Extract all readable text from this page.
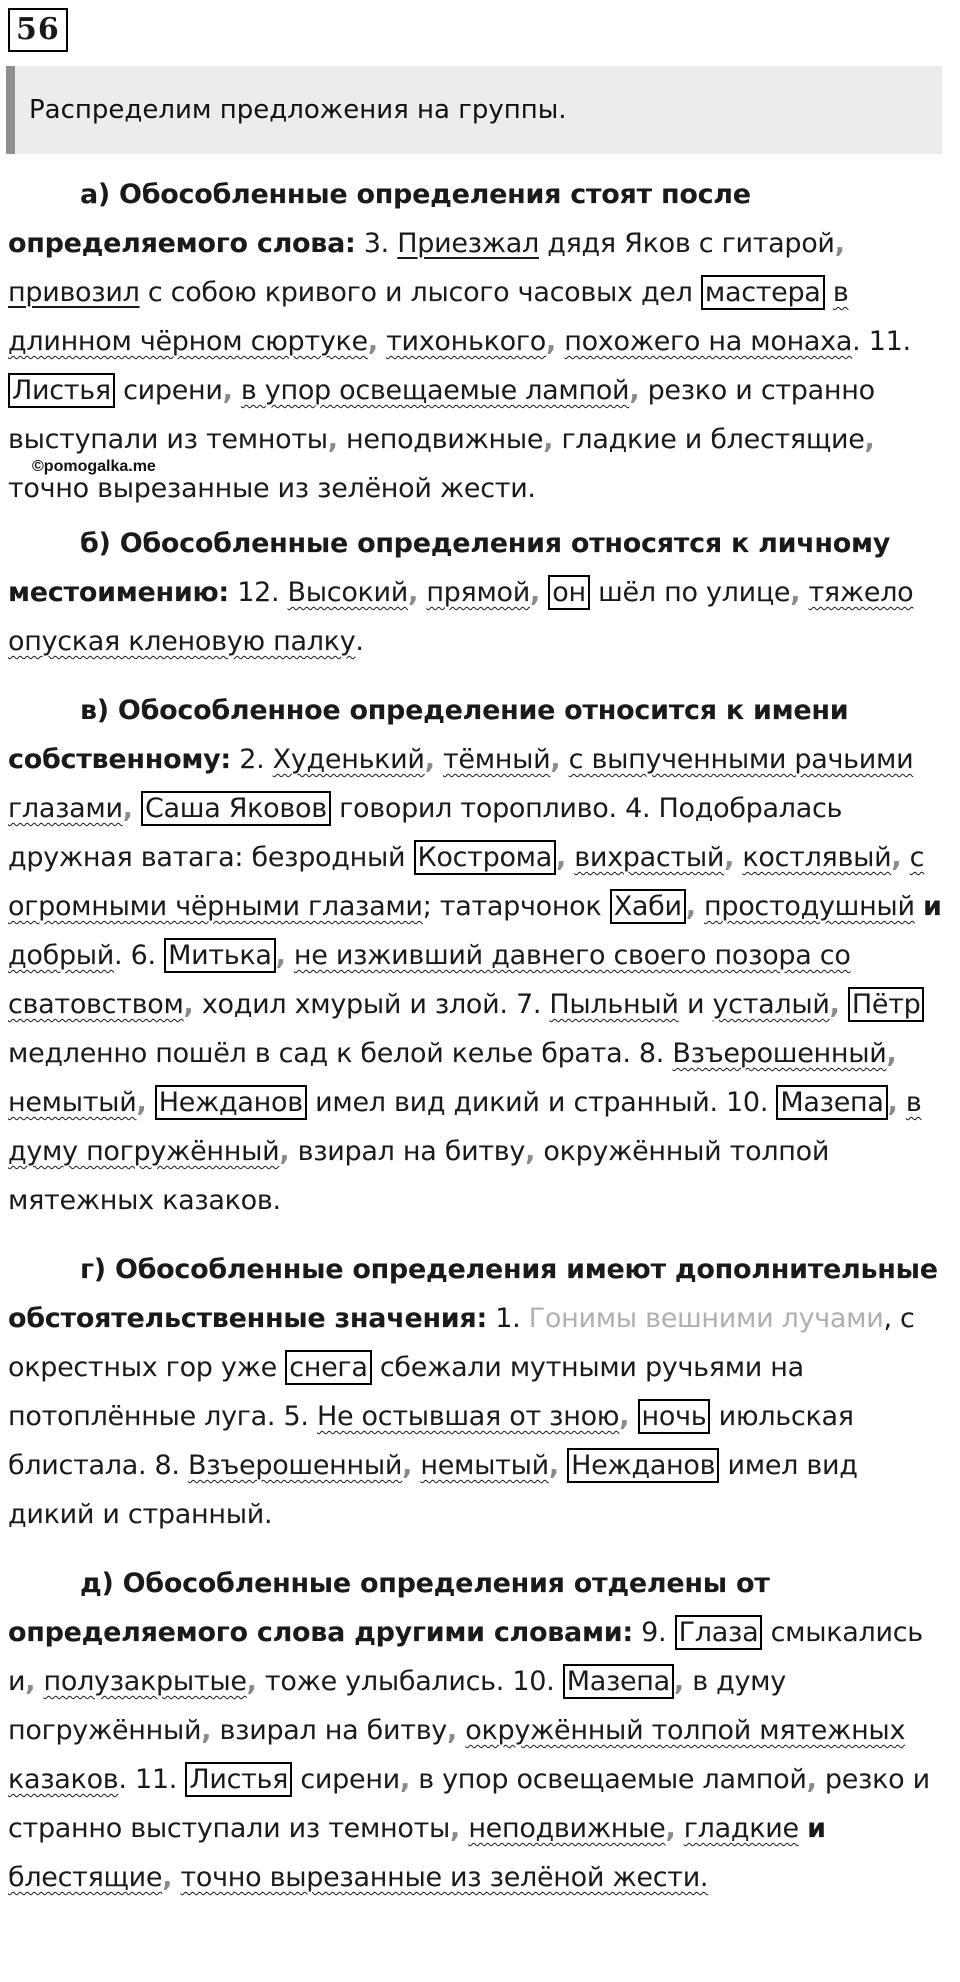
56
Распределим предложения на группы.
©pomogalka.me

а) Обособленные определения стоят после определяемого слова: 3. Приезжал дядя Яков с гитарой, привозил с собою кривого и лысого часовых дел мастера в длинном чёрном сюртуке, тихонького, похожего на монаха. 11. Листья сирени, в упор освещаемые лампой, резко и странно выступали из темноты, неподвижные, гладкие и блестящие, точно вырезанные из зелёной жести.

б) Обособленные определения относятся к личному местоимению: 12. Высокий, прямой, он шёл по улице, тяжело опуская кленовую палку.

в) Обособленное определение относится к имени собственному: 2. Худенький, тёмный, с выпученными рачьими глазами, Саша Яковов говорил торопливо. 4. Подобралась дружная ватага: безродный Кострома , вихрастый, костлявый, с огромными чёрными глазами; татарчонок Хаби , простодушный и добрый. 6. Митька , не изживший давнего своего позора со сватовством, ходил хмурый и злой. 7. Пыльный и усталый, Пётр медленно пошёл в сад к белой келье брата. 8. Взъерошенный, немытый, Нежданов имел вид дикий и странный. 10. Мазепа , в думу погружённый, взирал на битву, окружённый толпой мятежных казаков.

г) Обособленные определения имеют дополнительные обстоятельственные значения: 1. Гонимы вешними лучами, с окрестных гор уже снега сбежали мутными ручьями на потоплённые луга. 5. Не остывшая от зною, ночь июльская блистала. 8. Взъерошенный, немытый, Нежданов имел вид дикий и странный.

д) Обособленные определения отделены от определяемого слова другими словами: 9. Глаза смыкались и, полузакрытые, тоже улыбались. 10. Мазепа , в думу погружённый, взирал на битву, окружённый толпой мятежных казаков. 11. Листья сирени, в упор освещаемые лампой, резко и странно выступали из темноты, неподвижные, гладкие и блестящие, точно вырезанные из зелёной жести.
